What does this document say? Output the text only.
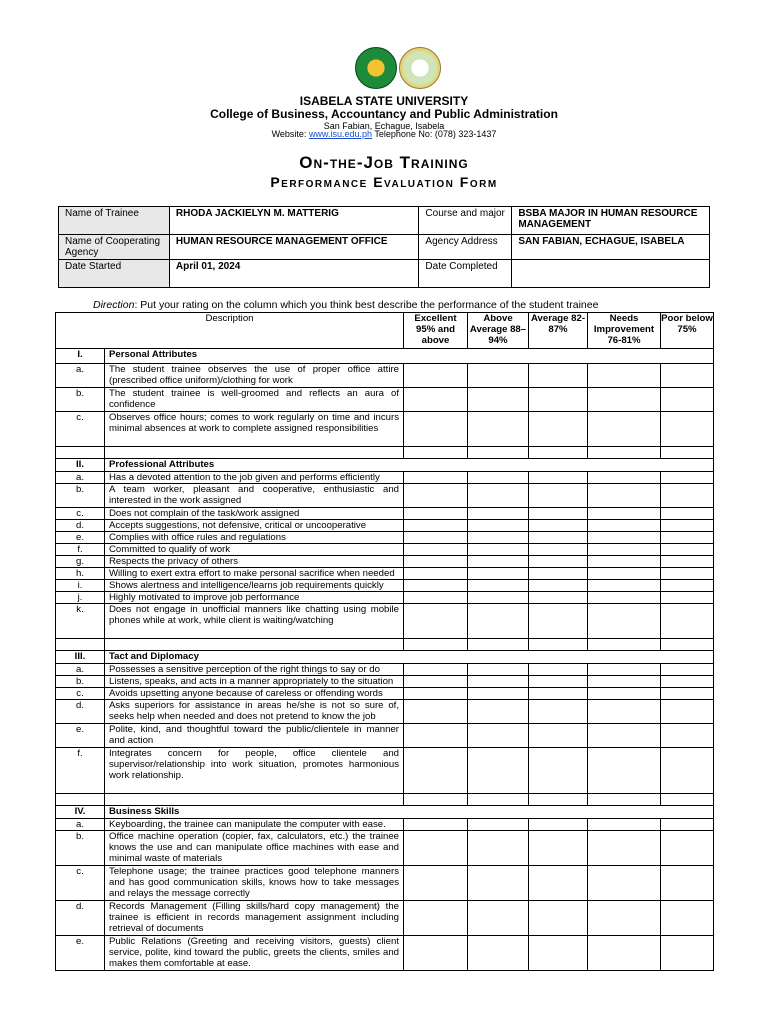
ISABELA STATE UNIVERSITY
College of Business, Accountancy and Public Administration
San Fabian, Echague, Isabela
Website: www.isu.edu.ph Telephone No: (078) 323-1437
On-the-Job Training
Performance Evaluation Form
Name of Trainee	RHODA JACKIELYN M. MATTERIG	Course and major	BSBA MAJOR IN HUMAN RESOURCE MANAGEMENT
Name of Cooperating Agency	HUMAN RESOURCE MANAGEMENT OFFICE	Agency Address	SAN FABIAN, ECHAGUE, ISABELA
Date Started	April 01, 2024	Date Completed	
Direction: Put your rating on the column which you think best describe the performance of the student trainee
Description		Excellent 95% and above	Above Average 88–94%	Average 82-87%	Needs Improvement 76-81%	Poor below 75%
I.	Personal Attributes					
a.	The student trainee observes the use of proper office attire (prescribed office uniform)/clothing for work					
b.	The student trainee is well-groomed and reflects an aura of confidence					
c.	Observes office hours; comes to work regularly on time and incurs minimal absences at work to complete assigned responsibilities					

II.	Professional Attributes					
a.	Has a devoted attention to the job given and performs efficiently					
b.	A team worker, pleasant and cooperative, enthusiastic and interested in the work assigned					
c.	Does not complain of the task/work assigned					
d.	Accepts suggestions, not defensive, critical or uncooperative					
e.	Complies with office rules and regulations					
f.	Committed to qualify of work					
g.	Respects the privacy of others					
h.	Willing to exert extra effort to make personal sacrifice when needed					
i.	Shows alertness and intelligence/learns job requirements quickly					
j.	Highly motivated to improve job performance					
k.	Does not engage in unofficial manners like chatting using mobile phones while at work, while client is waiting/watching					

III.	Tact and Diplomacy					
a.	Possesses a sensitive perception of the right things to say or do					
b.	Listens, speaks, and acts in a manner appropriately to the situation					
c.	Avoids upsetting anyone because of careless or offending words					
d.	Asks superiors for assistance in areas he/she is not so sure of, seeks help when needed and does not pretend to know the job					
e.	Polite, kind, and thoughtful toward the public/clientele in manner and action					
f.	Integrates concern for people, office clientele and supervisor/relationship into work situation, promotes harmonious work relationship.					

IV.	Business Skills					
a.	Keyboarding, the trainee can manipulate the computer with ease.					
b.	Office machine operation (copier, fax, calculators, etc.) the trainee knows the use and can manipulate office machines with ease and minimal waste of materials					
c.	Telephone usage; the trainee practices good telephone manners and has good communication skills, knows how to take messages and relays the message correctly					
d.	Records Management (Filling skills/hard copy management) the trainee is efficient in records management assignment including retrieval of documents					
e.	Public Relations (Greeting and receiving visitors, guests) client service, polite, kind toward the public, greets the clients, smiles and makes them comfortable at ease.					
